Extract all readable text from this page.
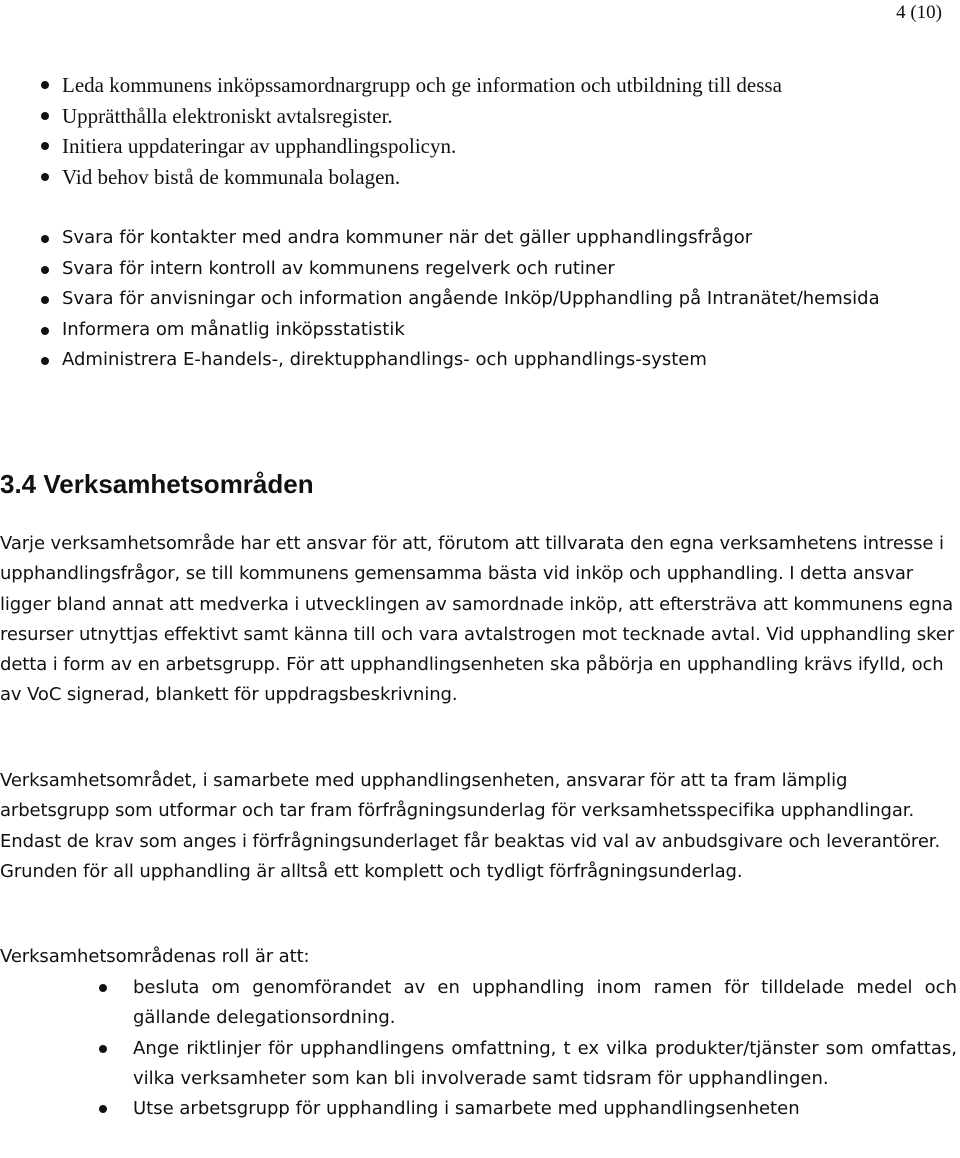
4 (10)
Leda kommunens inköpssamordnargrupp och ge information och utbildning till dessa
Upprätthålla elektroniskt avtalsregister.
Initiera uppdateringar av upphandlingspolicyn.
Vid behov bistå de kommunala bolagen.
Svara för kontakter med andra kommuner när det gäller upphandlingsfrågor
Svara för intern kontroll av kommunens regelverk och rutiner
Svara för anvisningar och information angående Inköp/Upphandling på Intranätet/hemsida
Informera om månatlig inköpsstatistik
Administrera E-handels-, direktupphandlings- och upphandlings-system
3.4 Verksamhetsområden

Varje verksamhetsområde har ett ansvar för att, förutom att tillvarata den egna verksamhetens intresse i upphandlingsfrågor, se till kommunens gemensamma bästa vid inköp och upphandling. I detta ansvar ligger bland annat att medverka i utvecklingen av samordnade inköp, att eftersträva att kommunens egna resurser utnyttjas effektivt samt känna till och vara avtalstrogen mot tecknade avtal. Vid upphandling sker detta i form av en arbetsgrupp. För att upphandlingsenheten ska påbörja en upphandling krävs ifylld, och av VoC signerad, blankett för uppdragsbeskrivning.

Verksamhetsområdet, i samarbete med upphandlingsenheten, ansvarar för att ta fram lämplig arbetsgrupp som utformar och tar fram förfrågningsunderlag för verksamhetsspecifika upphandlingar. Endast de krav som anges i förfrågningsunderlaget får beaktas vid val av anbudsgivare och leverantörer. Grunden för all upphandling är alltså ett komplett och tydligt förfrågningsunderlag.

Verksamhetsområdenas roll är att:

besluta om genomförandet av en upphandling inom ramen för tilldelade medel och gällande delegationsordning.
Ange riktlinjer för upphandlingens omfattning, t ex vilka produkter/tjänster som omfattas, vilka verksamheter som kan bli involverade samt tidsram för upphandlingen.
Utse arbetsgrupp för upphandling i samarbete med upphandlingsenheten
